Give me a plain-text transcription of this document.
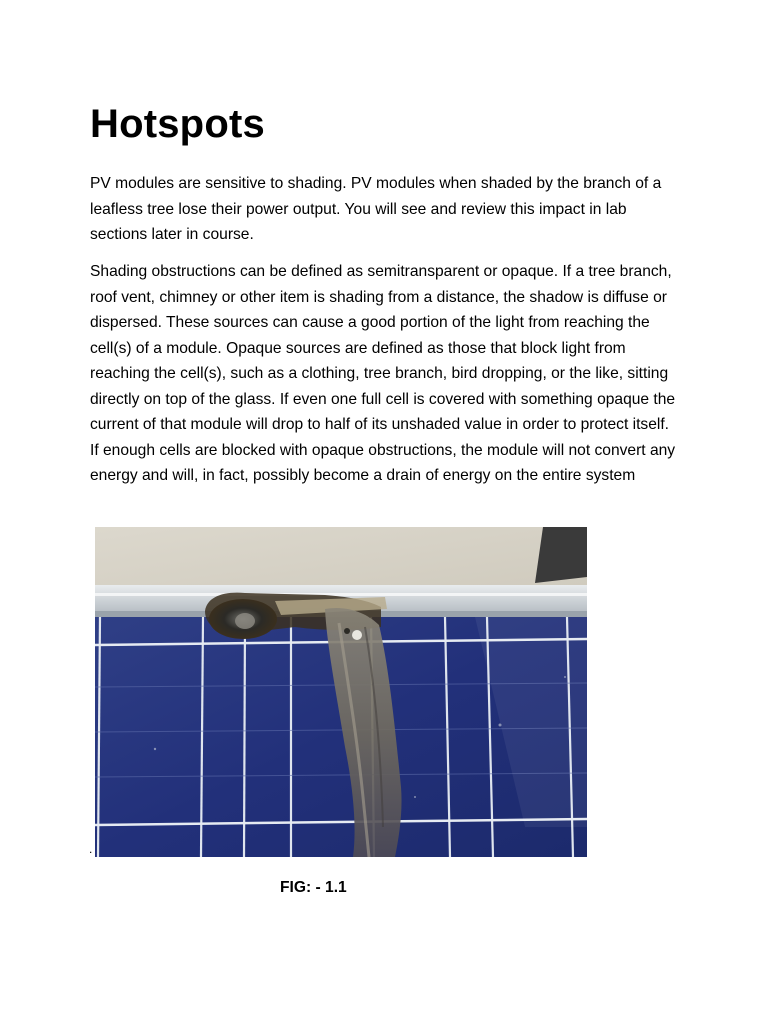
Hotspots

PV modules are sensitive to shading. PV modules when shaded by the branch of a leafless tree lose their power output. You will see and review this impact in lab sections later in course.

Shading obstructions can be defined as semitransparent or opaque. If a tree branch, roof vent, chimney or other item is shading from a distance, the shadow is diffuse or dispersed. These sources can cause a good portion of the light from reaching the cell(s) of a module. Opaque sources are defined as those that block light from reaching the cell(s), such as a clothing, tree branch, bird dropping, or the like, sitting directly on top of the glass. If even one full cell is covered with something opaque the current of that module will drop to half of its unshaded value in order to protect itself. If enough cells are blocked with opaque obstructions, the module will not convert any energy and will, in fact, possibly become a drain of energy on the entire system

.

FIG: - 1.1
